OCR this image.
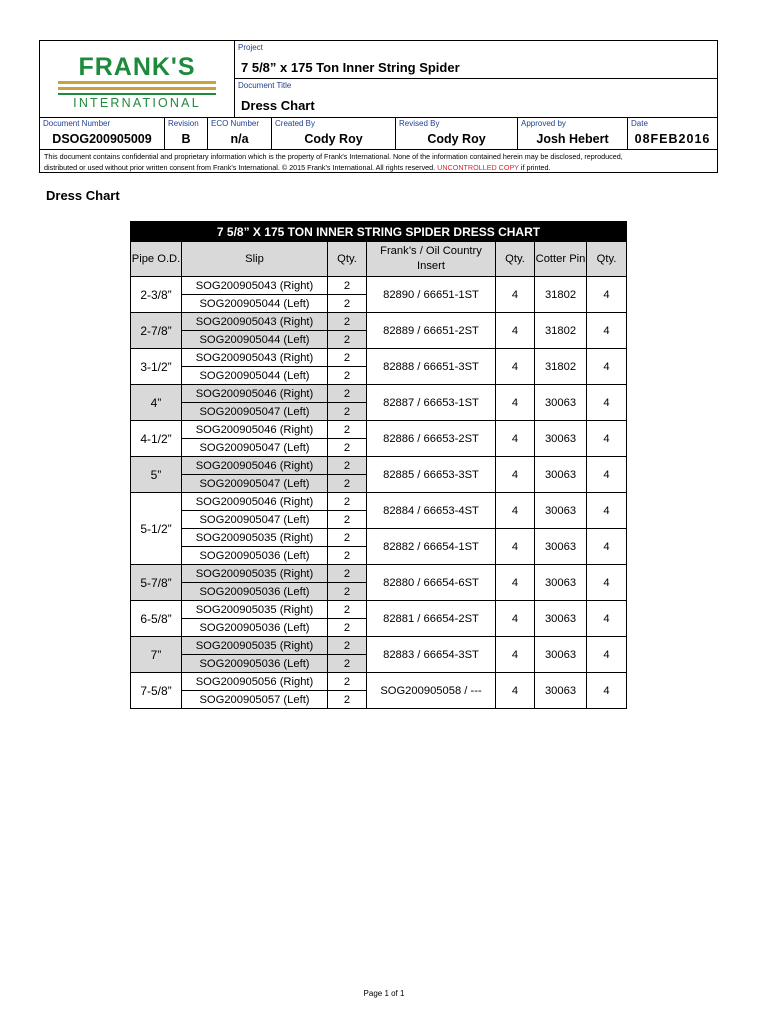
FRANK'S
INTERNATIONAL
Project
7 5/8” x 175 Ton Inner String Spider
Document Title
Dress Chart
Document Number
DSOG200905009
Revision
B
ECO Number
n/a
Created By
Cody Roy
Revised By
Cody Roy
Approved by
Josh Hebert
Date
08FEB2016
This document contains confidential and proprietary information which is the property of Frank's International. None of the information contained herein may be disclosed, reproduced,
distributed or used without prior written consent from Frank's International. © 2015 Frank's International. All rights reserved. UNCONTROLLED COPY if printed.
Dress Chart
7 5/8” X 175 TON INNER STRING SPIDER DRESS CHART						
Pipe O.D.	Slip	Qty.	Frank’s / Oil Country Insert	Qty.	Cotter Pin	Qty.
2-3/8”	SOG200905043 (Right)	2	82890 / 66651-1ST	4	31802	4
	SOG200905044 (Left)	2				
2-7/8”	SOG200905043 (Right)	2	82889 / 66651-2ST	4	31802	4
	SOG200905044 (Left)	2				
3-1/2”	SOG200905043 (Right)	2	82888 / 66651-3ST	4	31802	4
	SOG200905044 (Left)	2				
4”	SOG200905046 (Right)	2	82887 / 66653-1ST	4	30063	4
	SOG200905047 (Left)	2				
4-1/2”	SOG200905046 (Right)	2	82886 / 66653-2ST	4	30063	4
	SOG200905047 (Left)	2				
5”	SOG200905046 (Right)	2	82885 / 66653-3ST	4	30063	4
	SOG200905047 (Left)	2				
5-1/2”	SOG200905046 (Right)	2	82884 / 66653-4ST	4	30063	4
	SOG200905047 (Left)	2				
	SOG200905035 (Right)	2	82882 / 66654-1ST	4	30063	4
	SOG200905036 (Left)	2				
5-7/8”	SOG200905035 (Right)	2	82880 / 66654-6ST	4	30063	4
	SOG200905036 (Left)	2				
6-5/8”	SOG200905035 (Right)	2	82881 / 66654-2ST	4	30063	4
	SOG200905036 (Left)	2				
7”	SOG200905035 (Right)	2	82883 / 66654-3ST	4	30063	4
	SOG200905036 (Left)	2				
7-5/8”	SOG200905056 (Right)	2	SOG200905058 / ---	4	30063	4
	SOG200905057 (Left)	2				
Page 1 of 1
